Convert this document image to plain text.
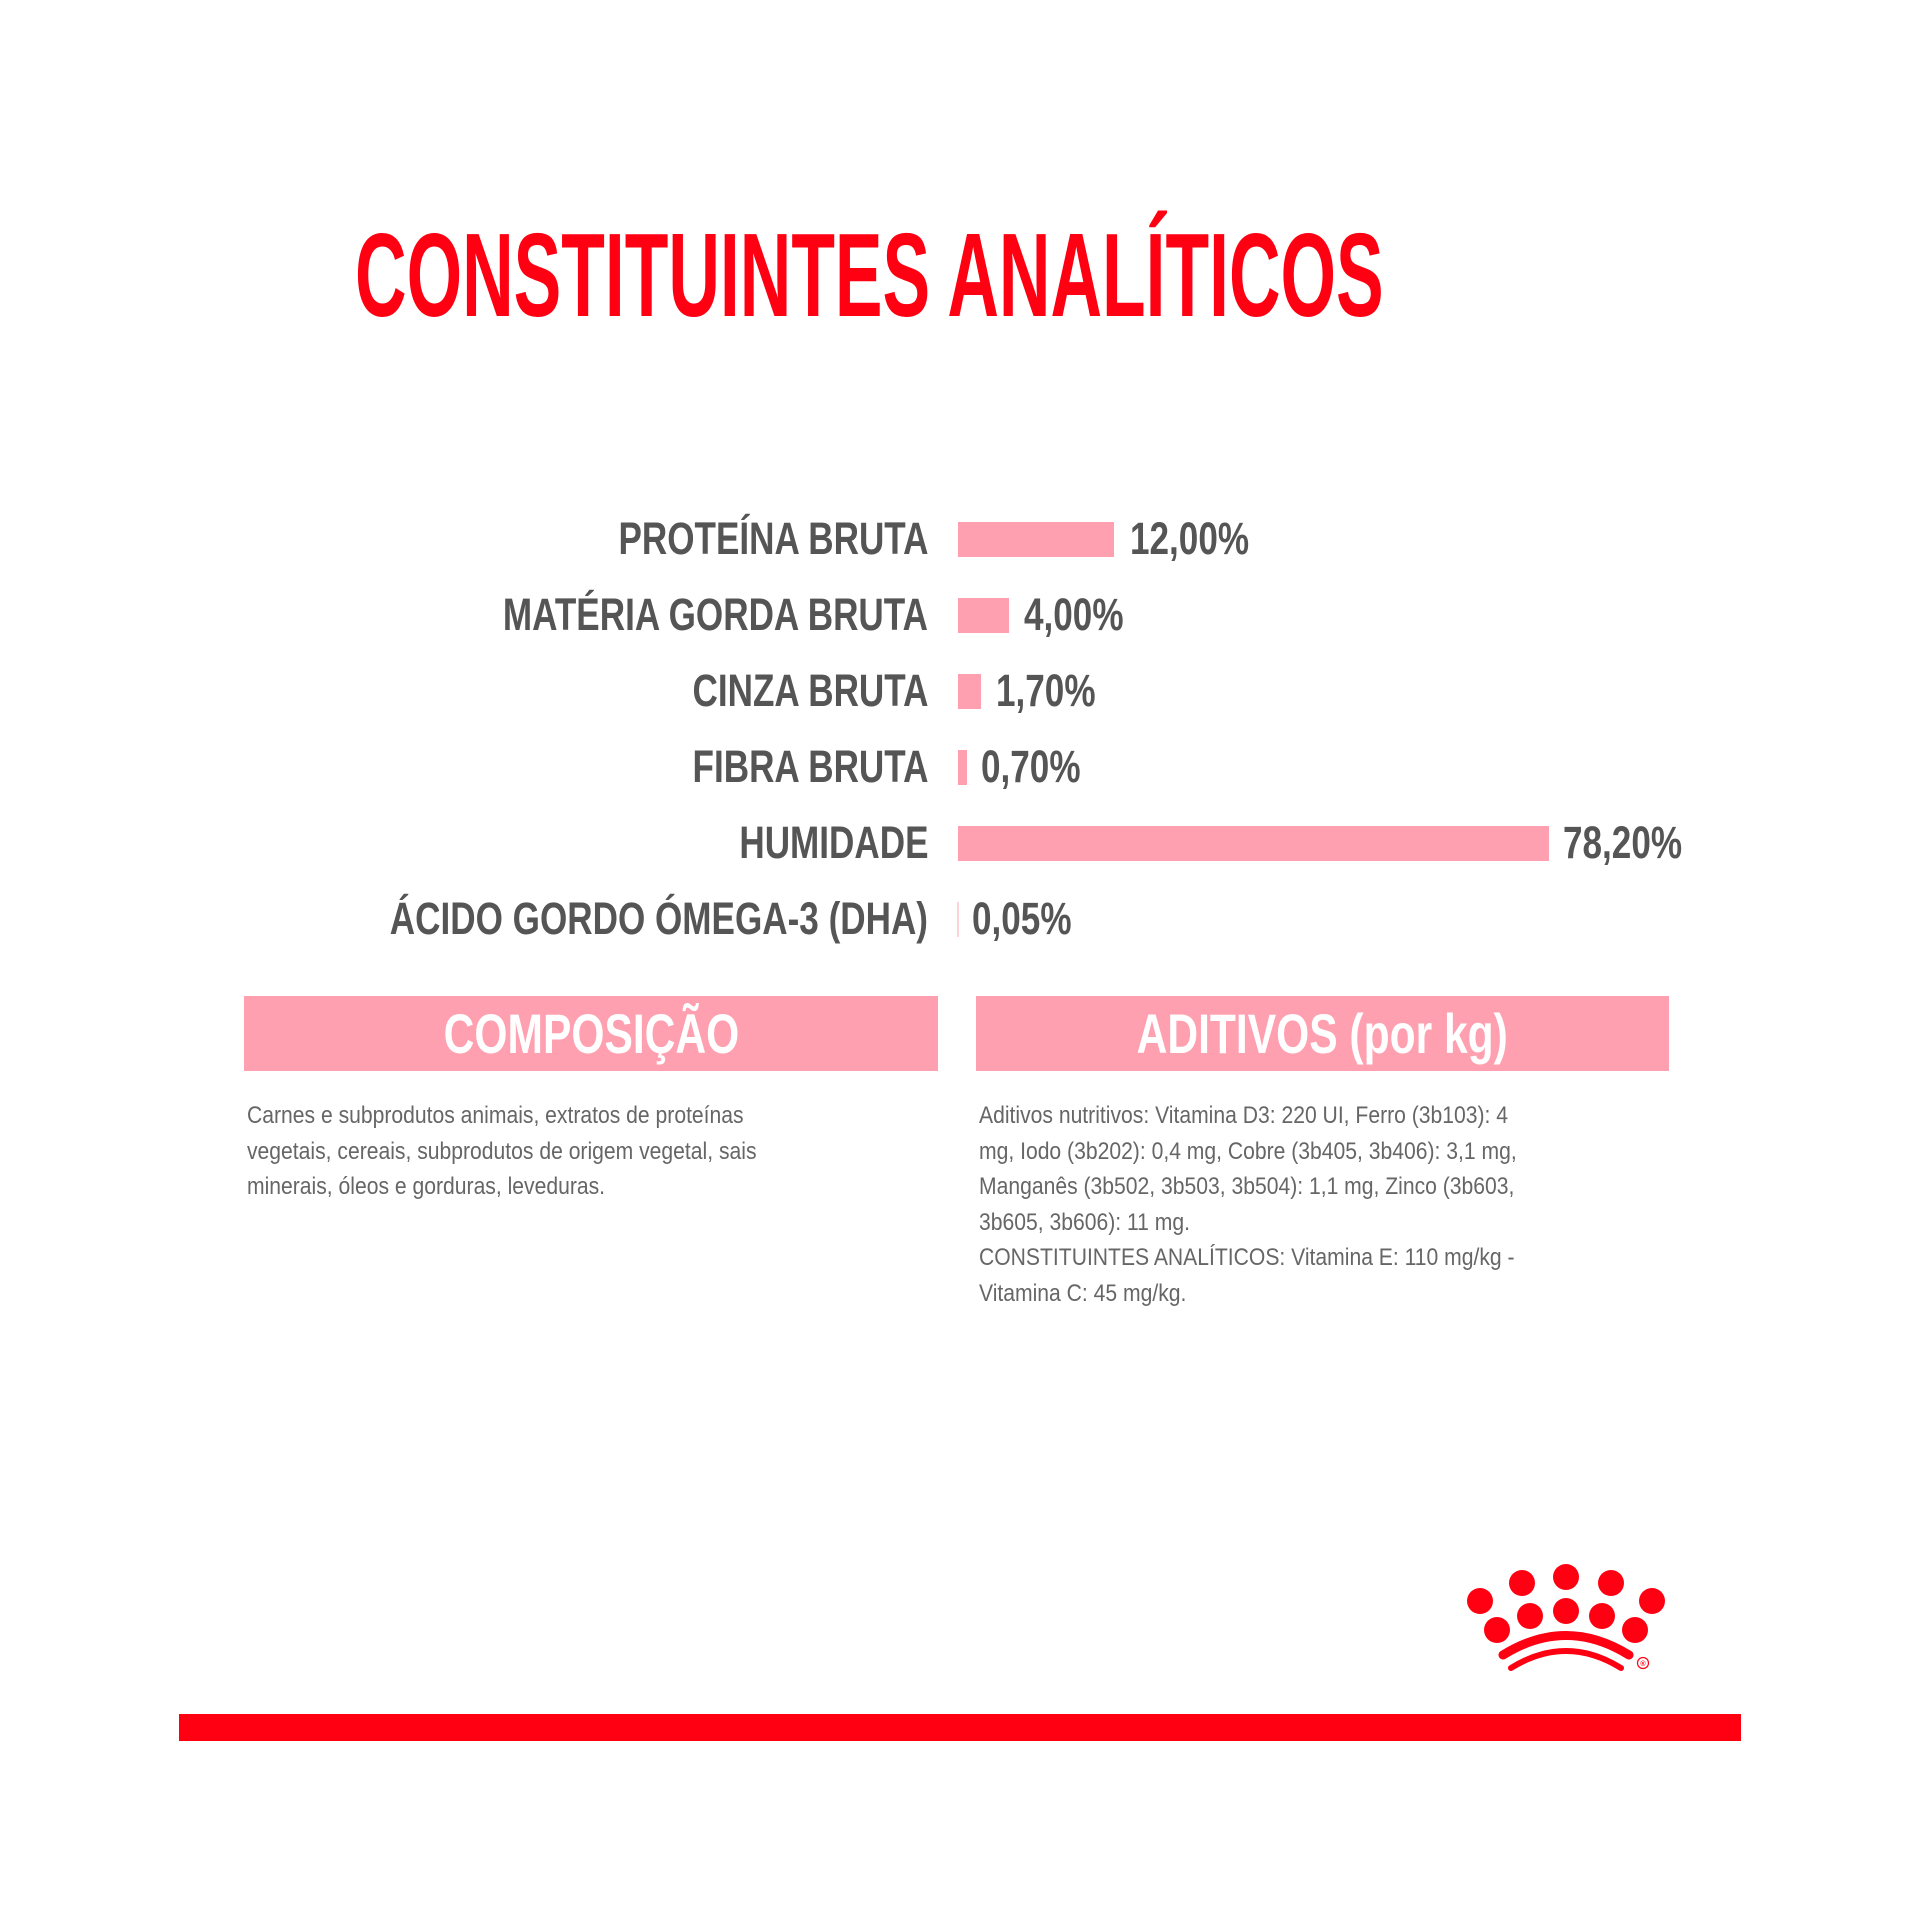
CONSTITUINTES ANALÍTICOS
PROTEÍNA BRUTA	12,00%
MATÉRIA GORDA BRUTA 4,00%
CINZA BRUTA 1,70%
FIBRA BRUTA 0,70%
HUMIDADE	78,20%
ÁCIDO GORDO ÓMEGA-3 (DHA) 0,05%
COMPOSIÇÃO	ADITIVOS (por kg)
Carnes e subprodutos animais, extratos de proteínas
vegetais, cereais, subprodutos de origem vegetal, sais
minerais, óleos e gorduras, leveduras.
Aditivos nutritivos: Vitamina D3: 220 UI, Ferro (3b103): 4
mg, Iodo (3b202): 0,4 mg, Cobre (3b405, 3b406): 3,1 mg,
Manganês (3b502, 3b503, 3b504): 1,1 mg, Zinco (3b603,
3b605, 3b606): 11 mg.
CONSTITUINTES ANALÍTICOS: Vitamina E: 110 mg/kg -
Vitamina C: 45 mg/kg.
®
